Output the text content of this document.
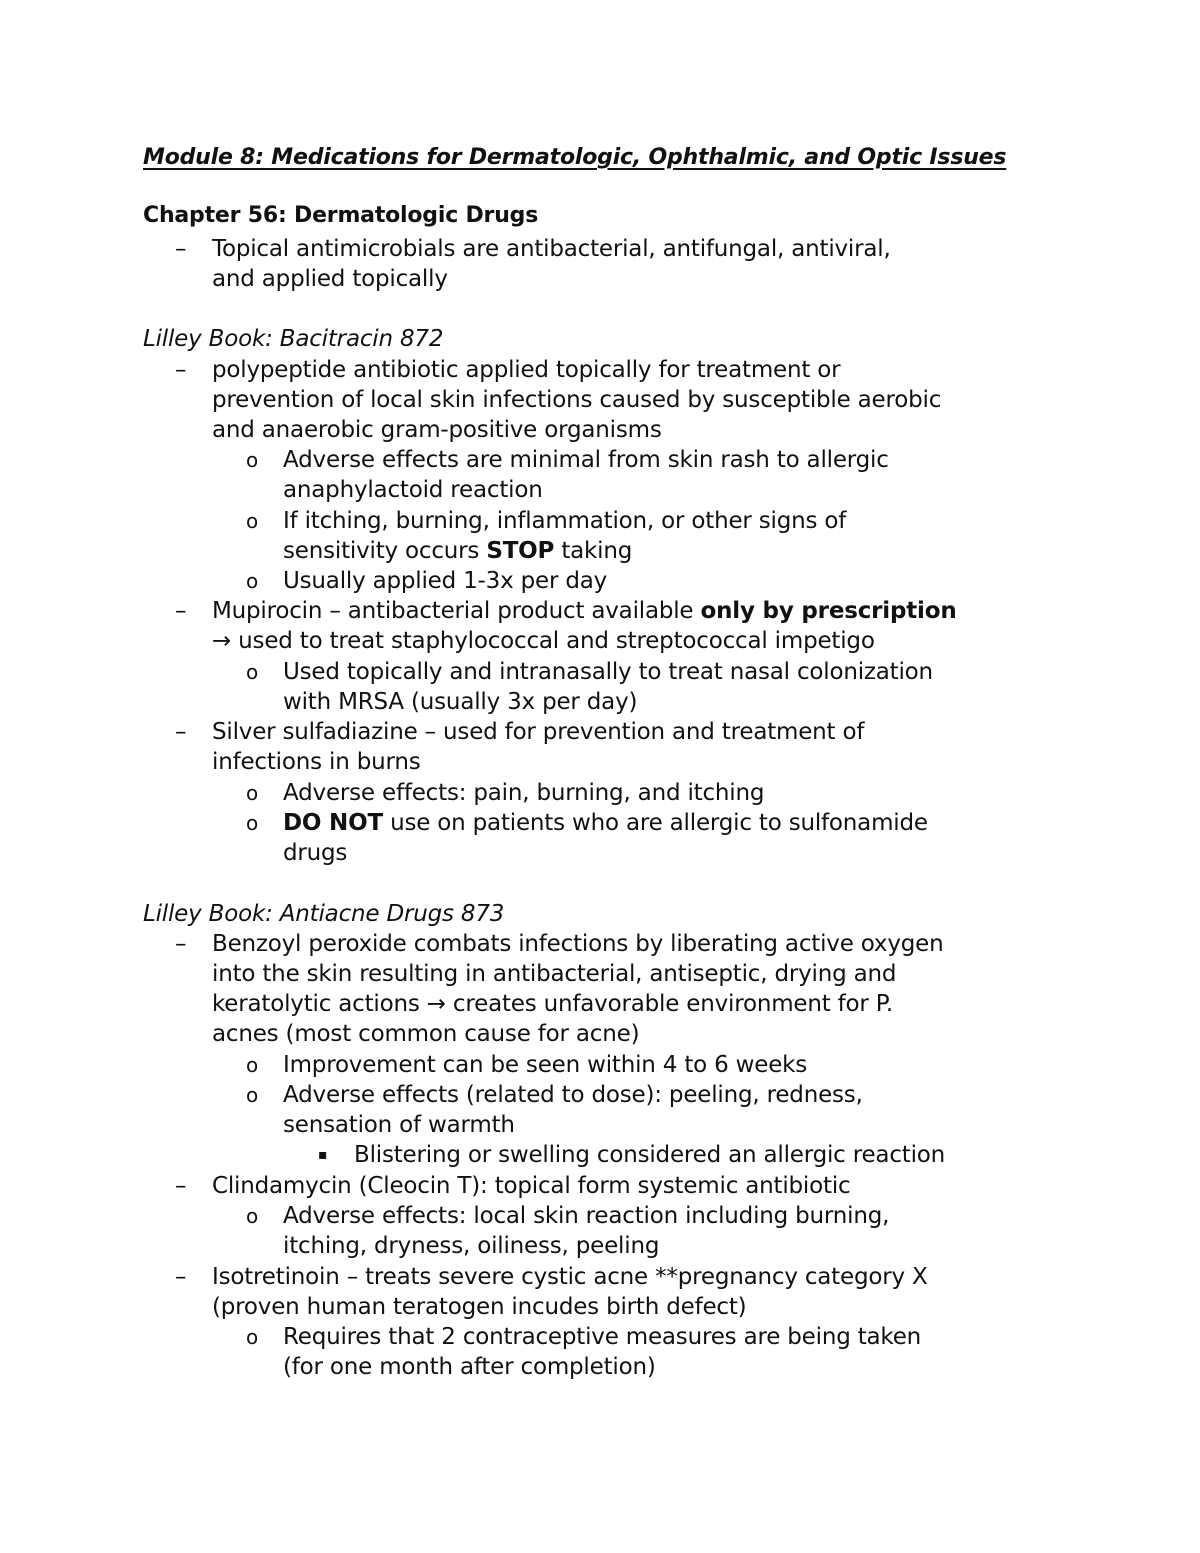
Module 8: Medications for Dermatologic, Ophthalmic, and Optic Issues
Chapter 56: Dermatologic Drugs
– Topical antimicrobials are antibacterial, antifungal, antiviral,
and applied topically
Lilley Book: Bacitracin 872
– polypeptide antibiotic applied topically for treatment or
prevention of local skin infections caused by susceptible aerobic
and anaerobic gram-positive organisms
o Adverse effects are minimal from skin rash to allergic
anaphylactoid reaction
o If itching, burning, inflammation, or other signs of
sensitivity occurs STOP taking
o Usually applied 1-3x per day
– Mupirocin – antibacterial product available only by prescription
→ used to treat staphylococcal and streptococcal impetigo
o Used topically and intranasally to treat nasal colonization
with MRSA (usually 3x per day)
– Silver sulfadiazine – used for prevention and treatment of
infections in burns
o Adverse effects: pain, burning, and itching
o DO NOT use on patients who are allergic to sulfonamide
drugs
Lilley Book: Antiacne Drugs 873
– Benzoyl peroxide combats infections by liberating active oxygen
into the skin resulting in antibacterial, antiseptic, drying and
keratolytic actions → creates unfavorable environment for P.
acnes (most common cause for acne)
o Improvement can be seen within 4 to 6 weeks
o Adverse effects (related to dose): peeling, redness,
sensation of warmth
▪ Blistering or swelling considered an allergic reaction
– Clindamycin (Cleocin T): topical form systemic antibiotic
o Adverse effects: local skin reaction including burning,
itching, dryness, oiliness, peeling
– Isotretinoin – treats severe cystic acne **pregnancy category X
(proven human teratogen incudes birth defect)
o Requires that 2 contraceptive measures are being taken
(for one month after completion)
